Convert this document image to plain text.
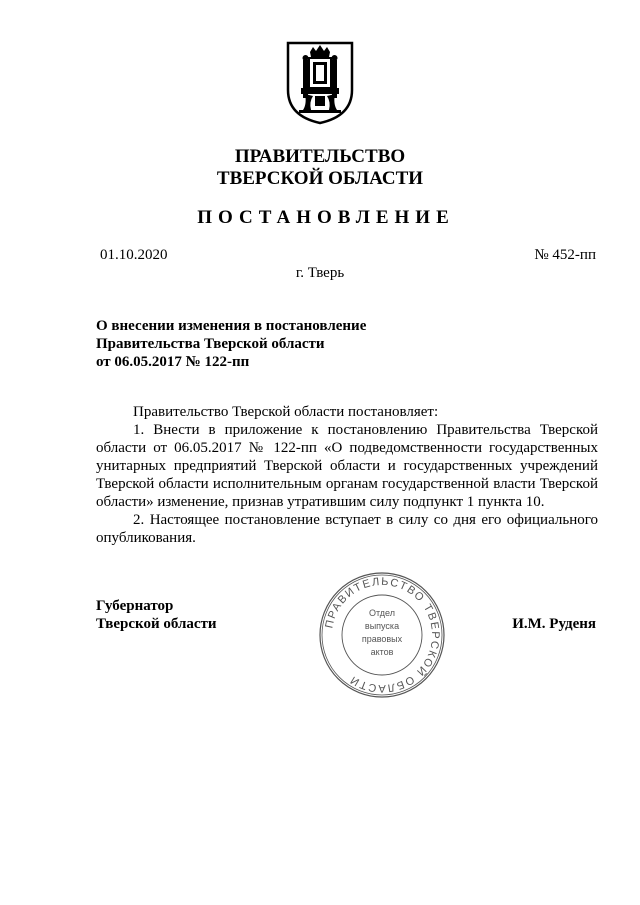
ПРАВИТЕЛЬСТВО
ТВЕРСКОЙ ОБЛАСТИ
ПОСТАНОВЛЕНИЕ
01.10.2020	№ 452-пп
г. Тверь
О внесении изменения в постановление
Правительства Тверской области
от 06.05.2017 № 122-пп

Правительство Тверской области постановляет:

1. Внести в приложение к постановлению Правительства Тверской области от 06.05.2017 № 122-пп «О подведомственности государственных унитарных предприятий Тверской области и государственных учреждений Тверской области исполнительным органам государственной власти Тверской области» изменение, признав утратившим силу подпункт 1 пункта 10.

2. Настоящее постановление вступает в силу со дня его официального опубликования.

Губернатор
Тверской области	И.М. Руденя
ПРАВИТЕЛЬСТВО ТВЕРСКОЙ ОБЛАСТИ
Отдел
выпуска
правовых
актов
